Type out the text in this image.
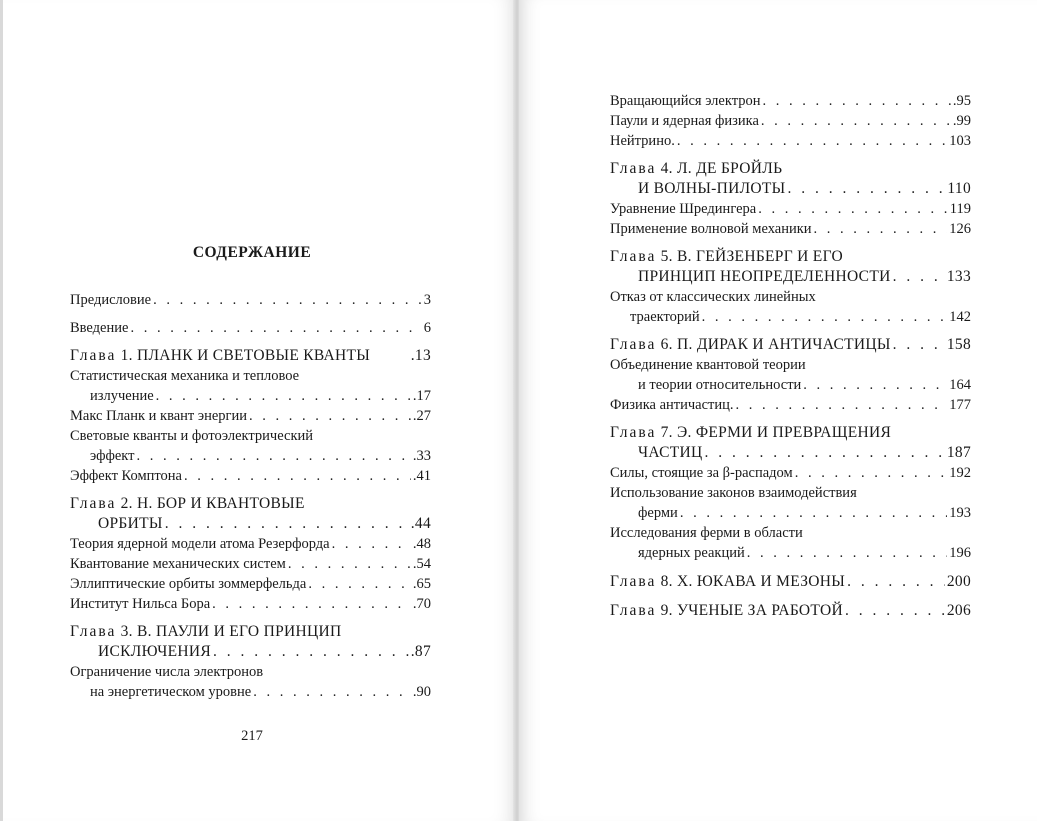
СОДЕРЖАНИЕ
Предисловие . . .	3
Введение . . .	6
Глава 1. ПЛАНК И СВЕТОВЫЕ КВАНТЫ	.13
Статистическая механика и тепловое
излучение . . .	.17
Макс Планк и квант энергии . . .	.27
Световые кванты и фотоэлектрический
эффект . . .	.33
Эффект Комптона . . .	.41
Глава 2. Н. БОР И КВАНТОВЫЕ
ОРБИТЫ . . .	.44
Теория ядерной модели атома Резерфорда . . .	.48
Квантование механических систем . . .	.54
Эллиптические орбиты зоммерфельда . . .	.65
Институт Нильса Бора . . .	.70
Глава 3. В. ПАУЛИ И ЕГО ПРИНЦИП
ИСКЛЮЧЕНИЯ . . .	.87
Ограничение числа электронов
на энергетическом уровне . . .	.90
217
Вращающийся электрон . . .	.95
Паули и ядерная физика . . .	.99
Нейтрино. . . .	103
Глава 4. Л. ДЕ БРОЙЛЬ
И ВОЛНЫ-ПИЛОТЫ . . .	110
Уравнение Шредингера . . .	119
Применение волновой механики . . .	126
Глава 5. В. ГЕЙЗЕНБЕРГ И ЕГО
ПРИНЦИП НЕОПРЕДЕЛЕННОСТИ . . .	133
Отказ от классических линейных
траекторий . . .	142
Глава 6. П. ДИРАК И АНТИЧАСТИЦЫ . . .	158
Объединение квантовой теории
и теории относительности . . .	164
Физика античастиц. . . .	177
Глава 7. Э. ФЕРМИ И ПРЕВРАЩЕНИЯ
ЧАСТИЦ . . .	187
Силы, стоящие за β-распадом . . .	192
Использование законов взаимодействия
ферми . . .	193
Исследования ферми в области
ядерных реакций . . .	196
Глава 8. Х. ЮКАВА И МЕЗОНЫ . . .	200
Глава 9. УЧЕНЫЕ ЗА РАБОТОЙ . . .	206
